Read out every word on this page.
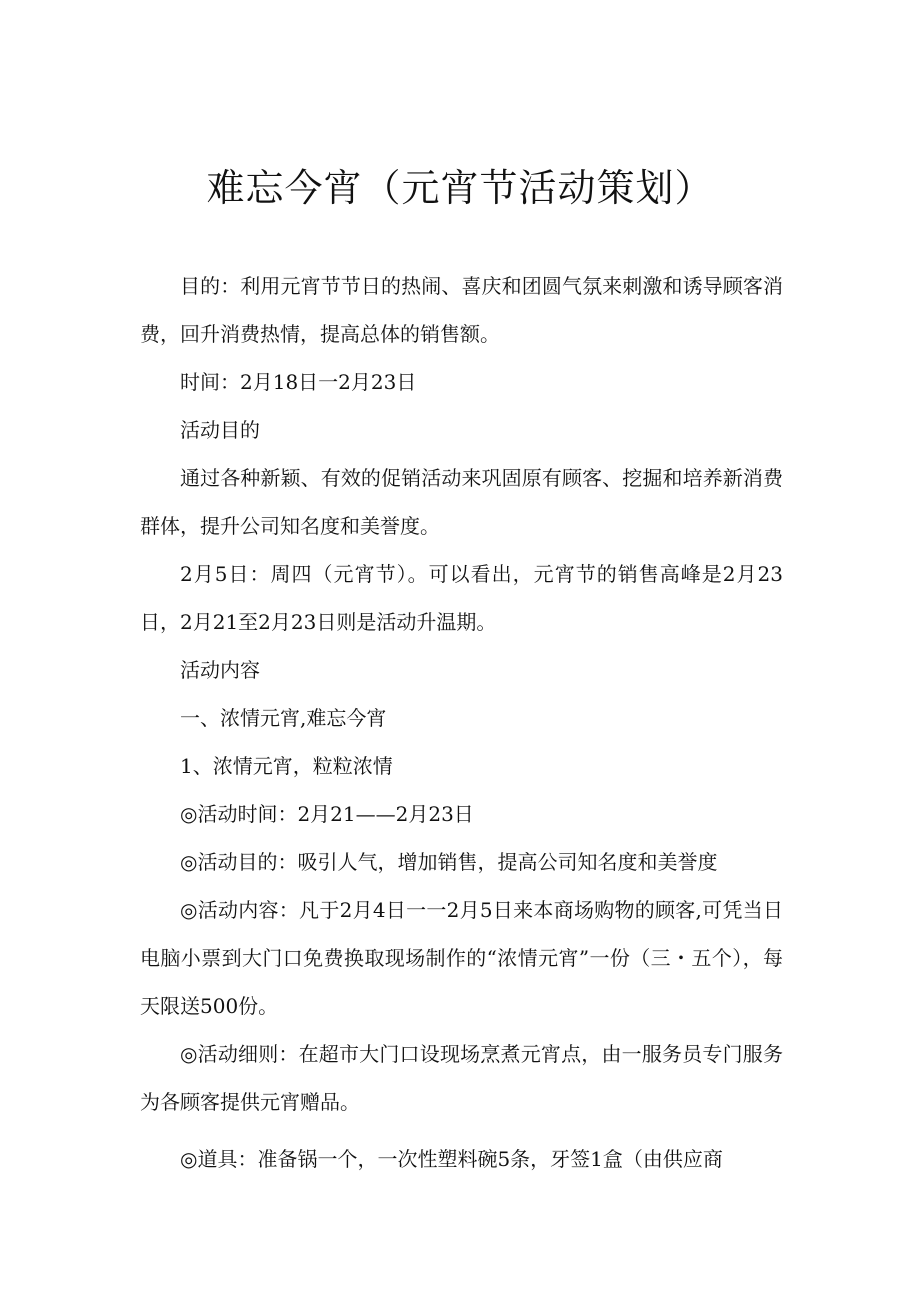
难忘今宵（元宵节活动策划）

目的：利用元宵节节日的热闹、喜庆和团圆气氛来刺激和诱导顾客消费，回升消费热情，提高总体的销售额。

时间：2月18日一2月23日

活动目的

通过各种新颖、有效的促销活动来巩固原有顾客、挖掘和培养新消费群体，提升公司知名度和美誉度。

2月5日：周四（元宵节）。可以看出，元宵节的销售高峰是2月23日，2月21至2月23日则是活动升温期。

活动内容

一、浓情元宵,难忘今宵

1、浓情元宵，粒粒浓情

◎活动时间：2月21——2月23日

◎活动目的：吸引人气，增加销售，提高公司知名度和美誉度

◎活动内容：凡于2月4日一一2月5日来本商场购物的顾客,可凭当日电脑小票到大门口免费换取现场制作的“浓情元宵”一份（三・五个），每天限送500份。

◎活动细则：在超市大门口设现场烹煮元宵点，由一服务员专门服务为各顾客提供元宵赠品。

◎道具：准备锅一个，一次性塑料碗5条，牙签1盒（由供应商
